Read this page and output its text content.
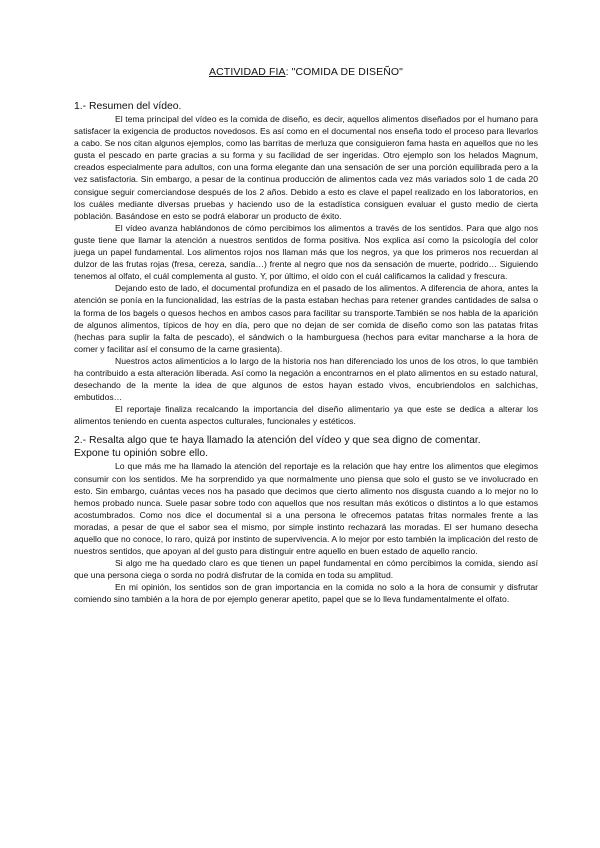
ACTIVIDAD FIA: "COMIDA DE DISEÑO"

1.- Resumen del vídeo.

El tema principal del vídeo es la comida de diseño, es decir, aquellos alimentos diseñados por el humano para satisfacer la exigencia de productos novedosos. Es así como en el documental nos enseña todo el proceso para llevarlos a cabo. Se nos citan algunos ejemplos, como las barritas de merluza que consiguieron fama hasta en aquellos que no les gusta el pescado en parte gracias a su forma y su facilidad de ser ingeridas. Otro ejemplo son los helados Magnum, creados especialmente para adultos, con una forma elegante dan una sensación de ser una porción equilibrada pero a la vez satisfactoria. Sin embargo, a pesar de la continua producción de alimentos cada vez más variados solo 1 de cada 20 consigue seguir comerciandose después de los 2 años. Debido a esto es clave el papel realizado en los laboratorios, en los cuáles mediante diversas pruebas y haciendo uso de la estadística consiguen evaluar el gusto medio de cierta población. Basándose en esto se podrá elaborar un producto de éxito.

El vídeo avanza hablándonos de cómo percibimos los alimentos a través de los sentidos. Para que algo nos guste tiene que llamar la atención a nuestros sentidos de forma positiva. Nos explica así como la psicología del color juega un papel fundamental. Los alimentos rojos nos llaman más que los negros, ya que los primeros nos recuerdan al dulzor de las frutas rojas (fresa, cereza, sandía…) frente al negro que nos da sensación de muerte, podrido… Siguiendo tenemos al olfato, el cuál complementa al gusto. Y, por último, el oído con el cuál calificamos la calidad y frescura.

Dejando esto de lado, el documental profundiza en el pasado de los alimentos. A diferencia de ahora, antes la atención se ponía en la funcionalidad, las estrías de la pasta estaban hechas para retener grandes cantidades de salsa o la forma de los bagels o quesos hechos en ambos casos para facilitar su transporte.También se nos habla de la aparición de algunos alimentos, típicos de hoy en día, pero que no dejan de ser comida de diseño como son las patatas fritas (hechas para suplir la falta de pescado), el sándwich o la hamburguesa (hechos para evitar mancharse a la hora de comer y facilitar así el consumo de la carne grasienta).

Nuestros actos alimenticios a lo largo de la historia nos han diferenciado los unos de los otros, lo que también ha contribuido a esta alteración liberada. Así como la negación a encontrarnos en el plato alimentos en su estado natural, desechando de la mente la idea de que algunos de estos hayan estado vivos, encubriendolos en salchichas, embutidos…

El reportaje finaliza recalcando la importancia del diseño alimentario ya que este se dedica a alterar los alimentos teniendo en cuenta aspectos culturales, funcionales y estéticos.

2.- Resalta algo que te haya llamado la atención del vídeo y que sea digno de comentar.

Expone tu opinión sobre ello.

Lo que más me ha llamado la atención del reportaje es la relación que hay entre los alimentos que elegimos consumir con los sentidos. Me ha sorprendido ya que normalmente uno piensa que solo el gusto se ve involucrado en esto. Sin embargo, cuántas veces nos ha pasado que decimos que cierto alimento nos disgusta cuando a lo mejor no lo hemos probado nunca. Suele pasar sobre todo con aquellos que nos resultan más exóticos o distintos a lo que estamos acostumbrados. Como nos dice el documental si a una persona le ofrecemos patatas fritas normales frente a las moradas, a pesar de que el sabor sea el mismo, por simple instinto rechazará las moradas. El ser humano desecha aquello que no conoce, lo raro, quizá por instinto de supervivencia. A lo mejor por esto también la implicación del resto de nuestros sentidos, que apoyan al del gusto para distinguir entre aquello en buen estado de aquello rancio.

Si algo me ha quedado claro es que tienen un papel fundamental en cómo percibimos la comida, siendo así que una persona ciega o sorda no podrá disfrutar de la comida en toda su amplitud.

En mi opinión, los sentidos son de gran importancia en la comida no solo a la hora de consumir y disfrutar comiendo sino también a la hora de por ejemplo generar apetito, papel que se lo lleva fundamentalmente el olfato.
